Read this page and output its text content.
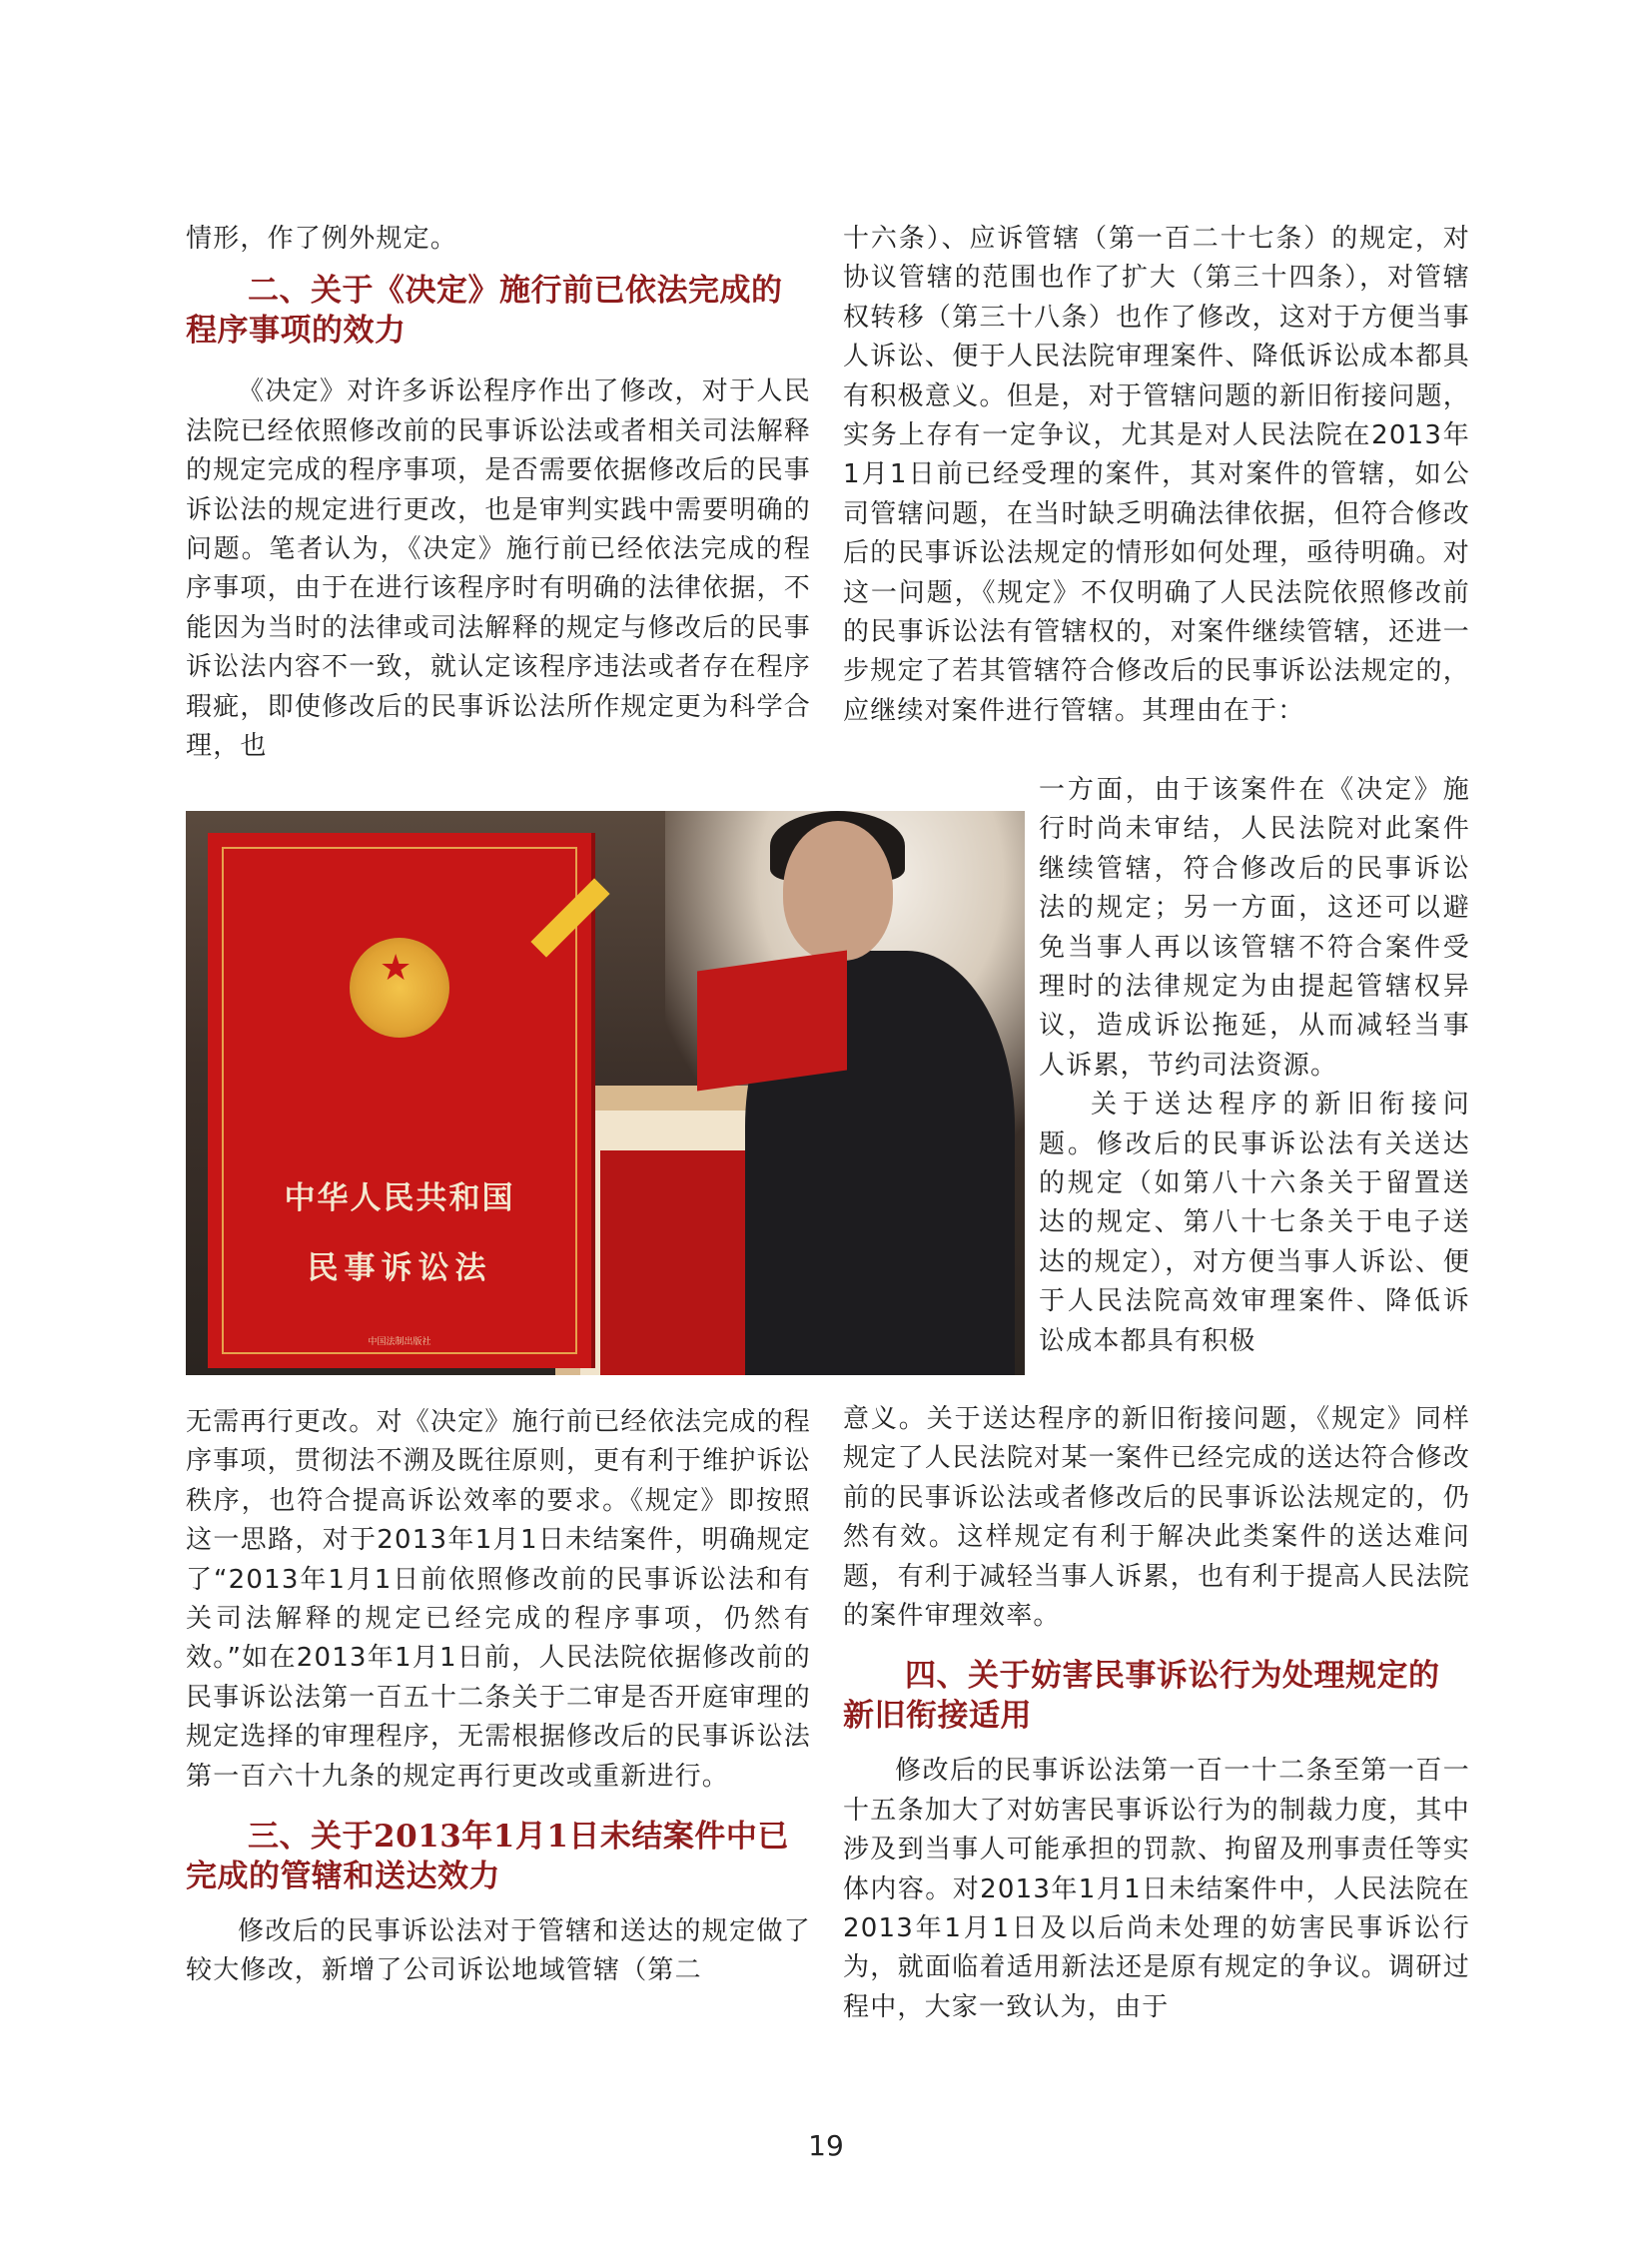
情形，作了例外规定。

二、关于《决定》施行前已依法完成的程序事项的效力

《决定》对许多诉讼程序作出了修改，对于人民法院已经依照修改前的民事诉讼法或者相关司法解释的规定完成的程序事项，是否需要依据修改后的民事诉讼法的规定进行更改，也是审判实践中需要明确的问题。笔者认为，《决定》施行前已经依法完成的程序事项，由于在进行该程序时有明确的法律依据，不能因为当时的法律或司法解释的规定与修改后的民事诉讼法内容不一致，就认定该程序违法或者存在程序瑕疵，即使修改后的民事诉讼法所作规定更为科学合理，也

★
中华人民共和国
民事诉讼法
中国法制出版社

无需再行更改。对《决定》施行前已经依法完成的程序事项，贯彻法不溯及既往原则，更有利于维护诉讼秩序，也符合提高诉讼效率的要求。《规定》即按照这一思路，对于2013年1月1日未结案件，明确规定了“2013年1月1日前依照修改前的民事诉讼法和有关司法解释的规定已经完成的程序事项，仍然有效。”如在2013年1月1日前，人民法院依据修改前的民事诉讼法第一百五十二条关于二审是否开庭审理的规定选择的审理程序，无需根据修改后的民事诉讼法第一百六十九条的规定再行更改或重新进行。

三、关于2013年1月1日未结案件中已完成的管辖和送达效力

修改后的民事诉讼法对于管辖和送达的规定做了较大修改，新增了公司诉讼地域管辖（第二

十六条）、应诉管辖（第一百二十七条）的规定，对协议管辖的范围也作了扩大（第三十四条），对管辖权转移（第三十八条）也作了修改，这对于方便当事人诉讼、便于人民法院审理案件、降低诉讼成本都具有积极意义。但是，对于管辖问题的新旧衔接问题，实务上存有一定争议，尤其是对人民法院在2013年1月1日前已经受理的案件，其对案件的管辖，如公司管辖问题，在当时缺乏明确法律依据，但符合修改后的民事诉讼法规定的情形如何处理，亟待明确。对这一问题，《规定》不仅明确了人民法院依照修改前的民事诉讼法有管辖权的，对案件继续管辖，还进一步规定了若其管辖符合修改后的民事诉讼法规定的，应继续对案件进行管辖。其理由在于：

一方面，由于该案件在《决定》施行时尚未审结，人民法院对此案件继续管辖，符合修改后的民事诉讼法的规定；另一方面，这还可以避免当事人再以该管辖不符合案件受理时的法律规定为由提起管辖权异议，造成诉讼拖延，从而减轻当事人诉累，节约司法资源。

关于送达程序的新旧衔接问题。修改后的民事诉讼法有关送达的规定（如第八十六条关于留置送达的规定、第八十七条关于电子送达的规定），对方便当事人诉讼、便于人民法院高效审理案件、降低诉讼成本都具有积极

意义。关于送达程序的新旧衔接问题，《规定》同样规定了人民法院对某一案件已经完成的送达符合修改前的民事诉讼法或者修改后的民事诉讼法规定的，仍然有效。这样规定有利于解决此类案件的送达难问题，有利于减轻当事人诉累，也有利于提高人民法院的案件审理效率。

四、关于妨害民事诉讼行为处理规定的新旧衔接适用

修改后的民事诉讼法第一百一十二条至第一百一十五条加大了对妨害民事诉讼行为的制裁力度，其中涉及到当事人可能承担的罚款、拘留及刑事责任等实体内容。对2013年1月1日未结案件中，人民法院在2013年1月1日及以后尚未处理的妨害民事诉讼行为，就面临着适用新法还是原有规定的争议。调研过程中，大家一致认为，由于

19
